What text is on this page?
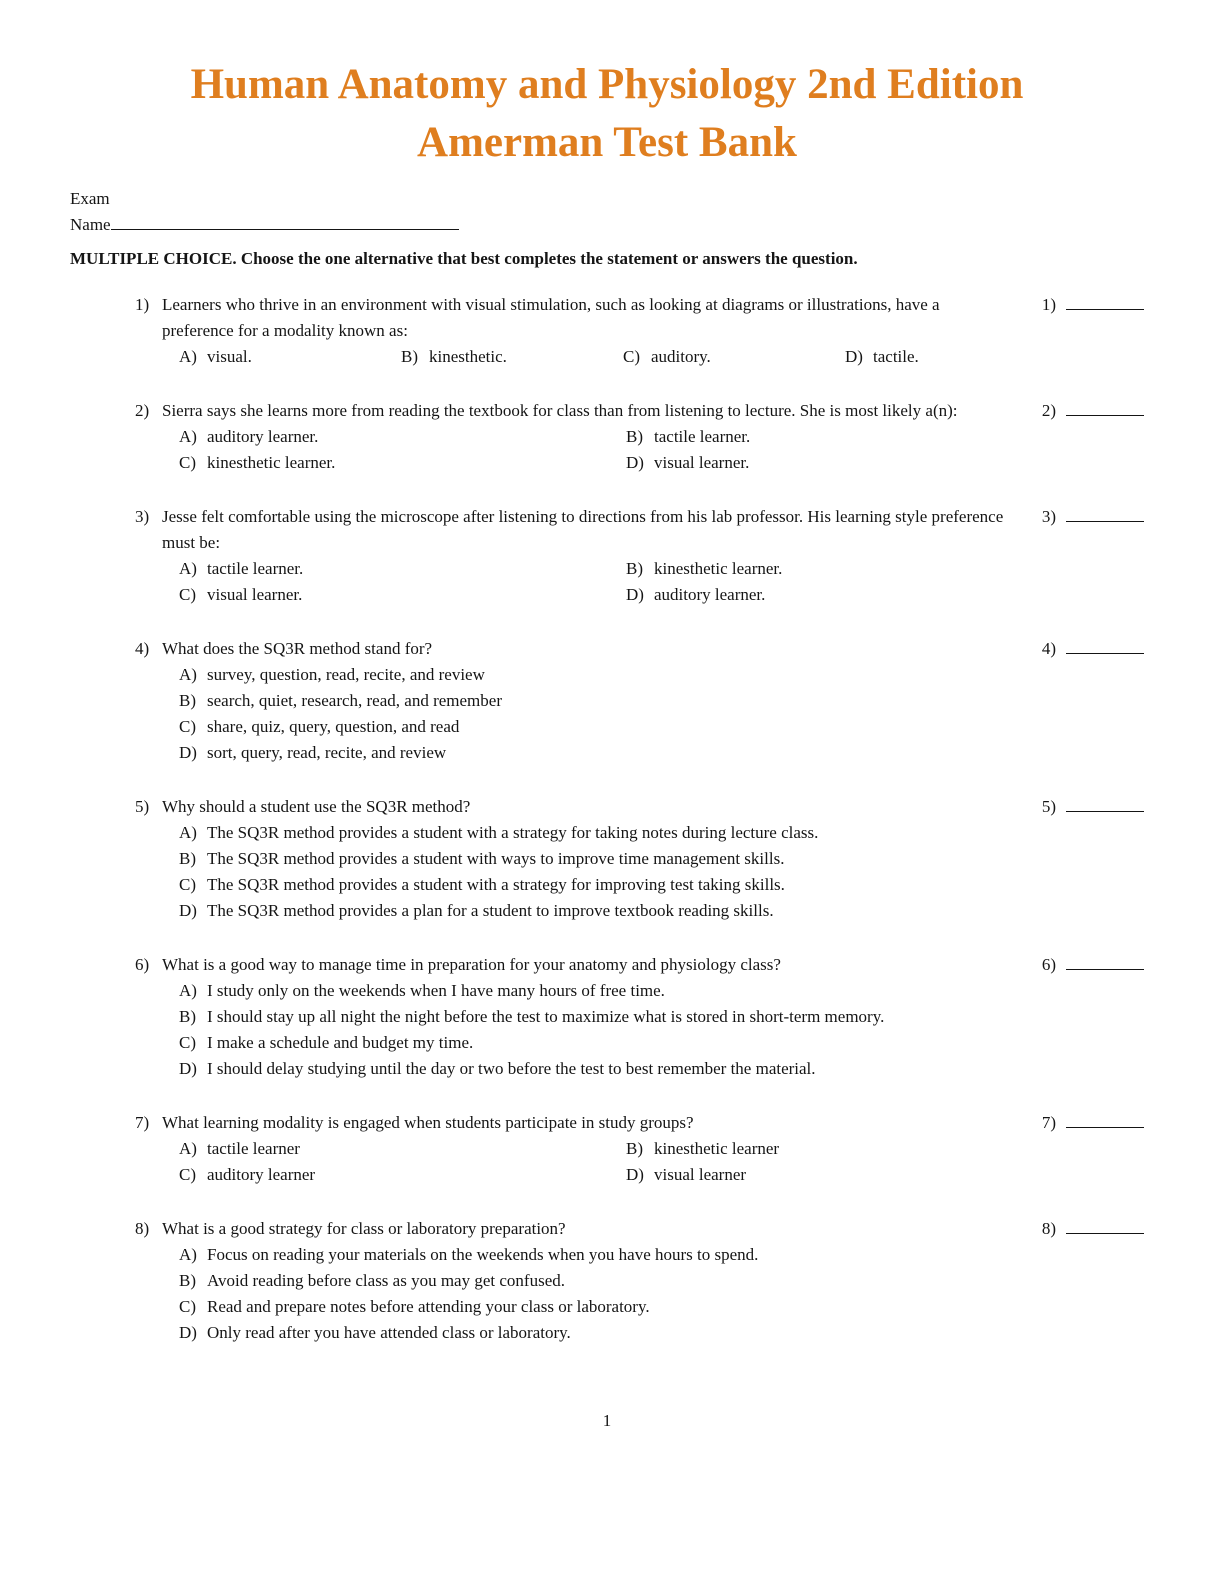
Human Anatomy and Physiology 2nd Edition
Amerman Test Bank
Exam
Name
MULTIPLE CHOICE. Choose the one alternative that best completes the statement or answers the question.
1) Learners who thrive in an environment with visual stimulation, such as looking at diagrams or illustrations, have a preference for a modality known as:
A) visual.	B) kinesthetic.	C) auditory.	D) tactile.
1)
2) Sierra says she learns more from reading the textbook for class than from listening to lecture. She is most likely a(n):
A) auditory learner.	B) tactile learner.
C) kinesthetic learner.	D) visual learner.
2)
3) Jesse felt comfortable using the microscope after listening to directions from his lab professor. His learning style preference must be:
A) tactile learner.	B) kinesthetic learner.
C) visual learner.	D) auditory learner.
3)
4) What does the SQ3R method stand for?
A) survey, question, read, recite, and review
B) search, quiet, research, read, and remember
C) share, quiz, query, question, and read
D) sort, query, read, recite, and review
4)
5) Why should a student use the SQ3R method?
A) The SQ3R method provides a student with a strategy for taking notes during lecture class.
B) The SQ3R method provides a student with ways to improve time management skills.
C) The SQ3R method provides a student with a strategy for improving test taking skills.
D) The SQ3R method provides a plan for a student to improve textbook reading skills.
5)
6) What is a good way to manage time in preparation for your anatomy and physiology class?
A) I study only on the weekends when I have many hours of free time.
B) I should stay up all night the night before the test to maximize what is stored in short-term memory.
C) I make a schedule and budget my time.
D) I should delay studying until the day or two before the test to best remember the material.
6)
7) What learning modality is engaged when students participate in study groups?
A) tactile learner	B) kinesthetic learner
C) auditory learner	D) visual learner
7)
8) What is a good strategy for class or laboratory preparation?
A) Focus on reading your materials on the weekends when you have hours to spend.
B) Avoid reading before class as you may get confused.
C) Read and prepare notes before attending your class or laboratory.
D) Only read after you have attended class or laboratory.
8)
1
